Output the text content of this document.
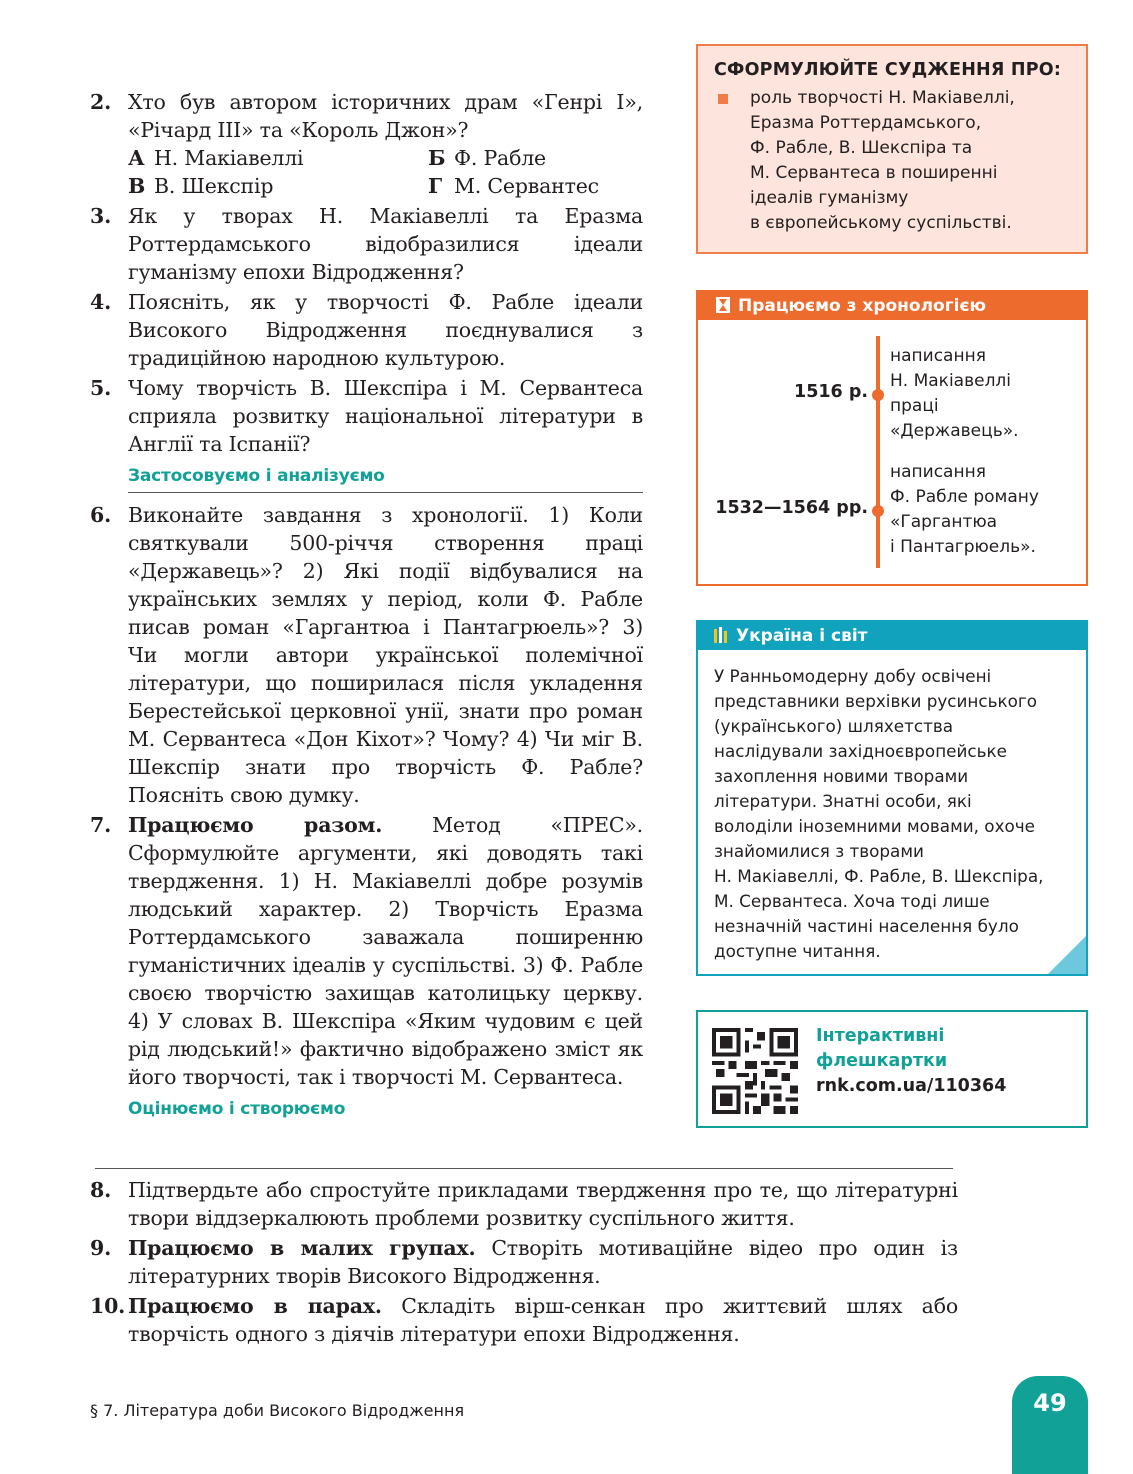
2. Хто був автором історичних драм «Генрі І», «Річард ІІІ» та «Король Джон»?
А Н. Макіавеллі	Б Ф. Рабле
В В. Шекспір	Г М. Сервантес
3. Як у творах Н. Макіавеллі та Еразма Роттердамського відобразилися ідеали гуманізму епохи Відродження?
4. Поясніть, як у творчості Ф. Рабле ідеали Високого Відродження поєднувалися з традиційною народною культурою.
5. Чому творчість В. Шекспіра і М. Сервантеса сприяла розвитку національної літератури в Англії та Іспанії?
Застосовуємо і аналізуємо
6. Виконайте завдання з хронології. 1) Коли святкували 500-річчя створення праці «Державець»? 2) Які події відбувалися на українських землях у період, коли Ф. Рабле писав роман «Гаргантюа і Пантагрюель»? 3) Чи могли автори української полемічної літератури, що поширилася після укладення Берестейської церковної унії, знати про роман М. Сервантеса «Дон Кіхот»? Чому? 4) Чи міг В. Шекспір знати про творчість Ф. Рабле? Поясніть свою думку.
7. Працюємо разом. Метод «ПРЕС». Сформулюйте аргументи, які доводять такі твердження. 1) Н. Макіавеллі добре розумів людський характер. 2) Творчість Еразма Роттердамського заважала поширенню гуманістичних ідеалів у суспільстві. 3) Ф. Рабле своєю творчістю захищав католицьку церкву. 4) У словах В. Шекспіра «Яким чудовим є цей рід людський!» фактично відображено зміст як його творчості, так і творчості М. Сервантеса.
Оцінюємо і створюємо
8. Підтвердьте або спростуйте прикладами твердження про те, що літературні твори віддзеркалюють проблеми розвитку суспільного життя.
9. Працюємо в малих групах. Створіть мотиваційне відео про один із літературних творів Високого Відродження.
10. Працюємо в парах. Складіть вірш-сенкан про життєвий шлях або творчість одного з діячів літератури епохи Відродження.
СФОРМУЛЮЙТЕ СУДЖЕННЯ ПРО:
роль творчості Н. Макіавеллі,
Еразма Роттердамського,
Ф. Рабле, В. Шекспіра та
М. Сервантеса в поширенні
ідеалів гуманізму
в європейському суспільстві.
Працюємо з хронологією
1516 р.
написання
Н. Макіавеллі
праці
«Державець».
1532—1564 рр.
написання
Ф. Рабле роману
«Гаргантюа
і Пантагрюель».
Україна і світ
У Ранньомодерну добу освічені
представники верхівки русинського
(українського) шляхетства
наслідували західноєвропейське
захоплення новими творами
літератури. Знатні особи, які
володіли іноземними мовами, охоче
знайомилися з творами
Н. Макіавеллі, Ф. Рабле, В. Шекспіра,
М. Сервантеса. Хоча тоді лише
незначній частині населення було
доступне читання.
Інтерактивні
флешкартки
rnk.com.ua/110364
§ 7. Література доби Високого Відродження	49
